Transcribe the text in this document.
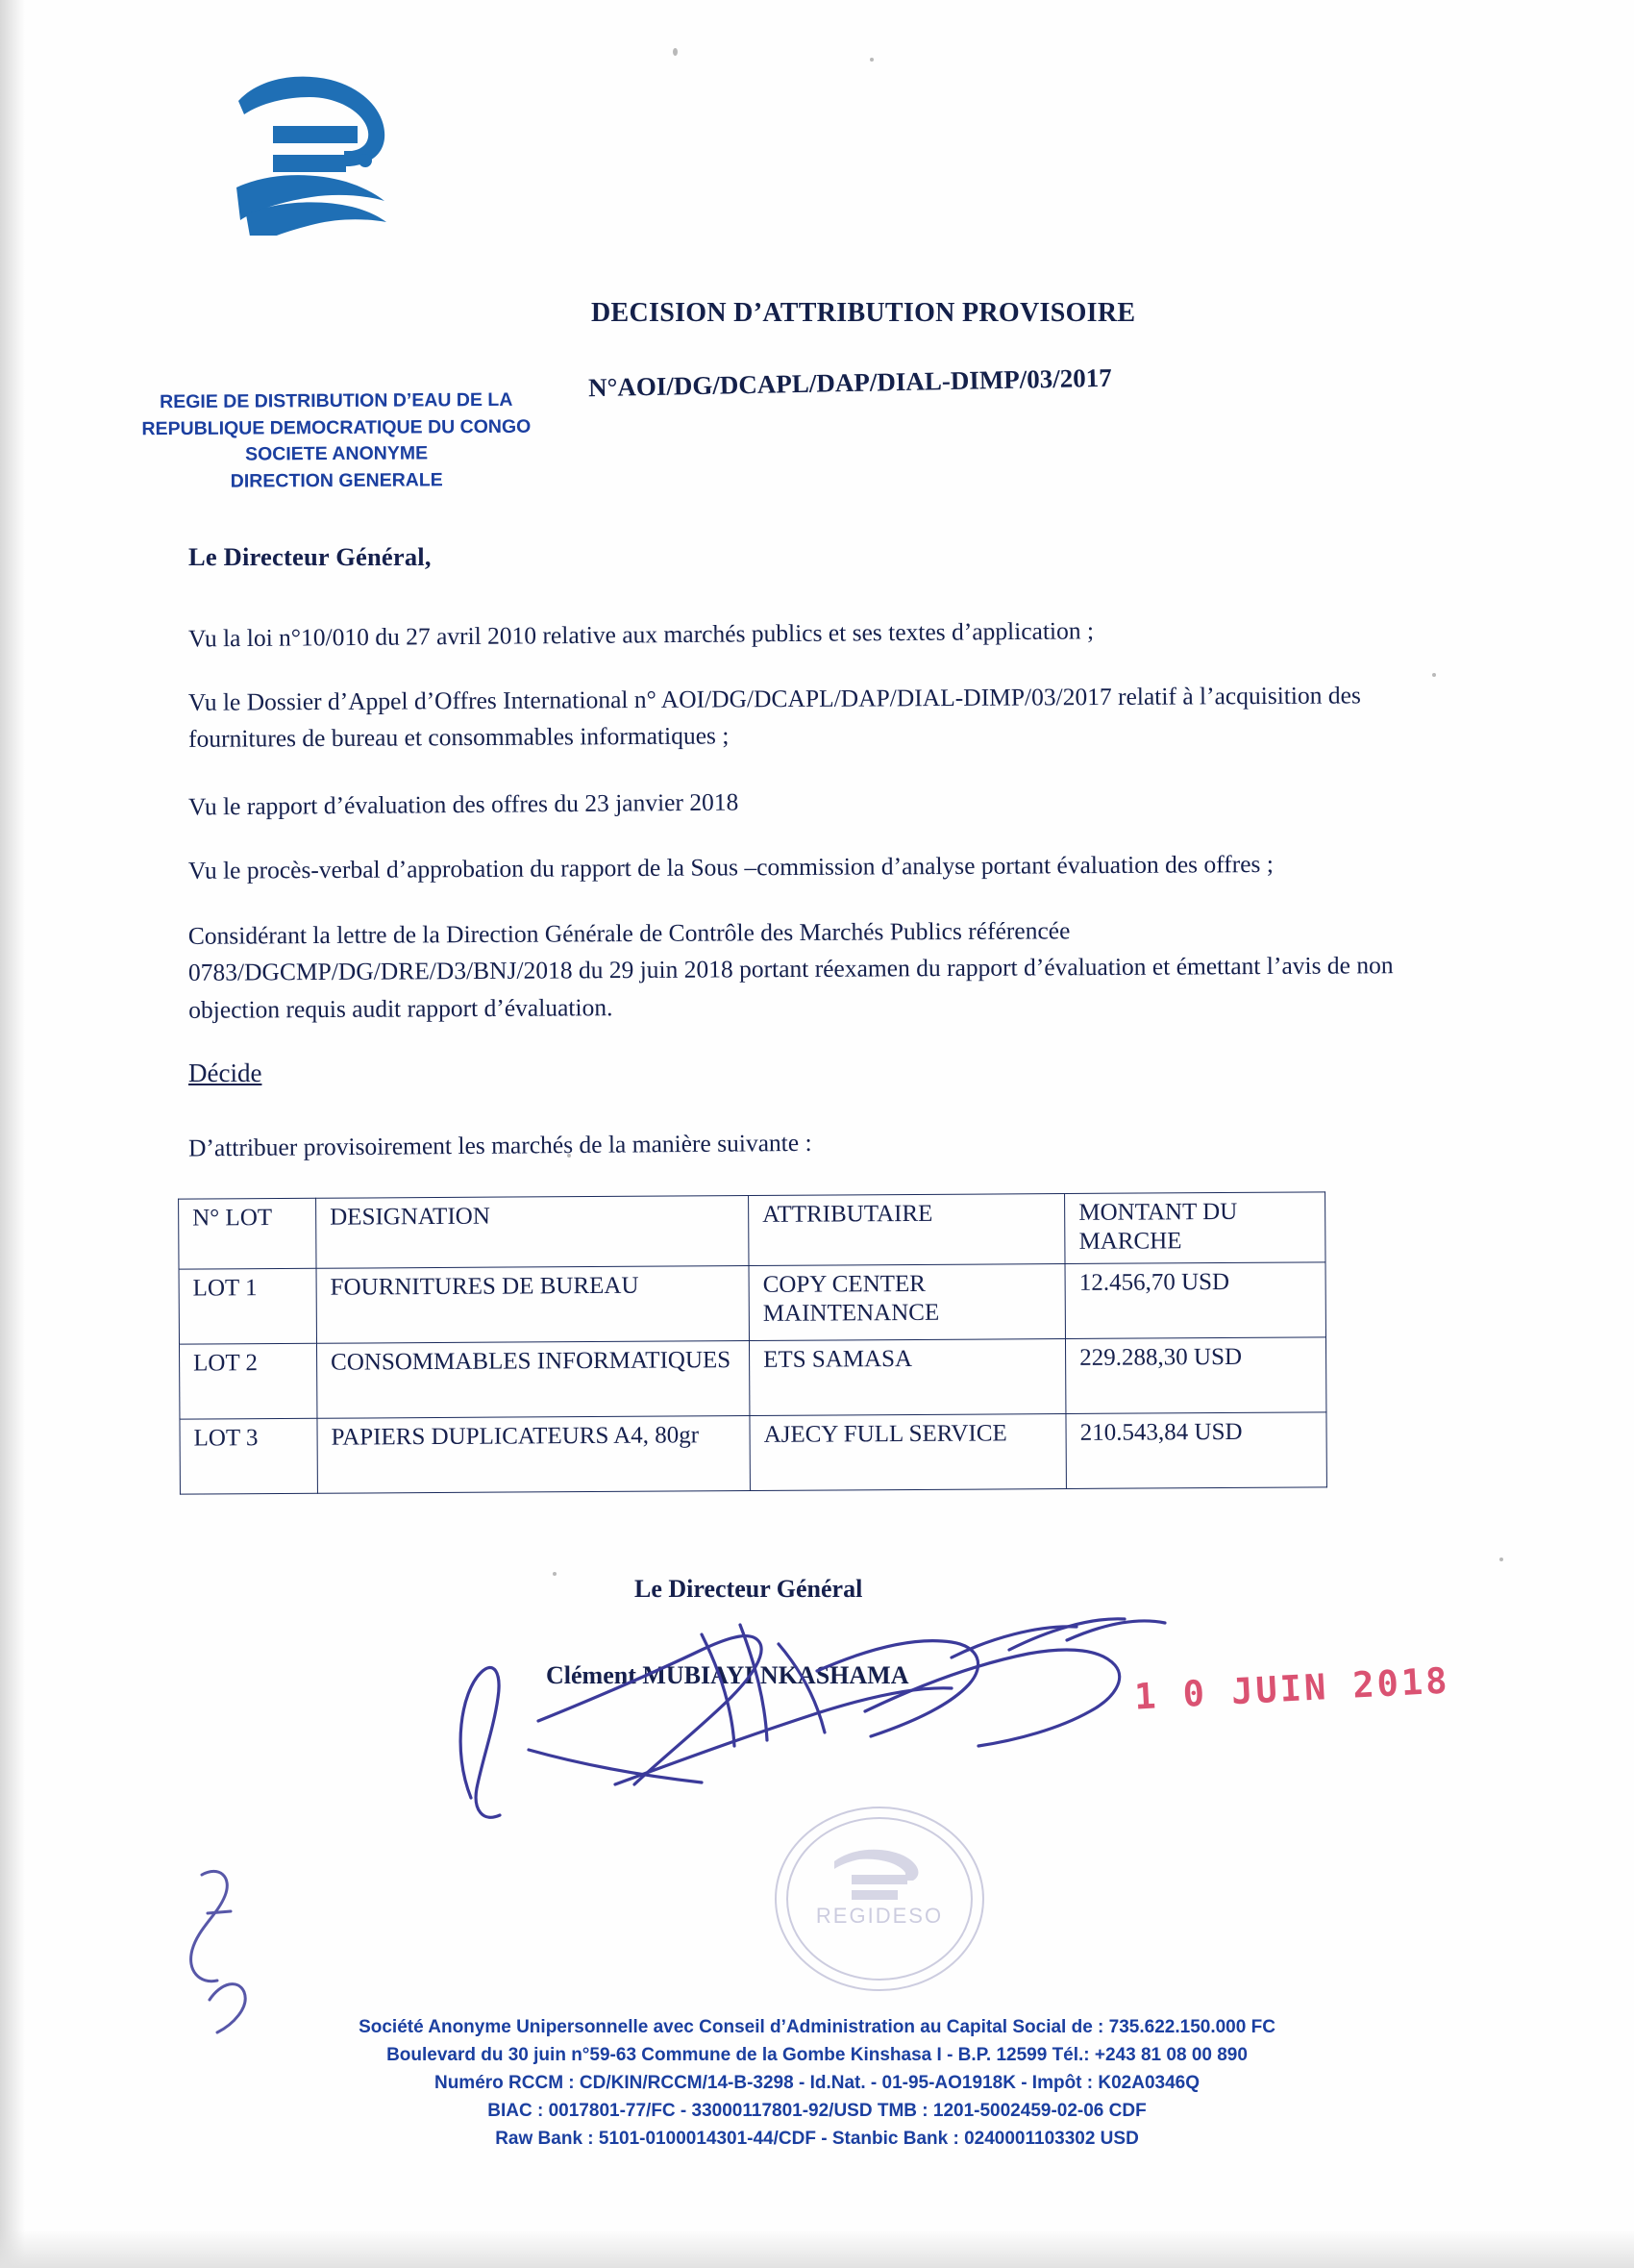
DECISION D’ATTRIBUTION PROVISOIRE
N°AOI/DG/DCAPL/DAP/DIAL-DIMP/03/2017
REGIE DE DISTRIBUTION D’EAU DE LA
REPUBLIQUE DEMOCRATIQUE DU CONGO
SOCIETE ANONYME
DIRECTION GENERALE

Le Directeur Général,

Vu la loi n°10/010 du 27 avril 2010 relative aux marchés publics et ses textes d’application ;

Vu le Dossier d’Appel d’Offres International n° AOI/DG/DCAPL/DAP/DIAL-DIMP/03/2017 relatif à l’acquisition des fournitures de bureau et consommables informatiques ;

Vu le rapport d’évaluation des offres du 23 janvier 2018

Vu le procès-verbal d’approbation du rapport de la Sous –commission d’analyse portant évaluation des offres ;

Considérant la lettre de la Direction Générale de Contrôle des Marchés Publics référencée 0783/DGCMP/DG/DRE/D3/BNJ/2018 du 29 juin 2018 portant réexamen du rapport d’évaluation et émettant l’avis de non objection requis audit rapport d’évaluation.

Décide

D’attribuer provisoirement les marchés de la manière suivante :

N° LOT	DESIGNATION	ATTRIBUTAIRE	MONTANT DU MARCHE
LOT 1	FOURNITURES DE BUREAU	COPY CENTER MAINTENANCE	12.456,70 USD
LOT 2	CONSOMMABLES INFORMATIQUES	ETS SAMASA	229.288,30 USD
LOT 3	PAPIERS DUPLICATEURS A4, 80gr	AJECY FULL SERVICE	210.543,84 USD
Le Directeur Général
Clément MUBIAYI NKASHAMA	1 0 JUIN 2018
REGIDESO
Société Anonyme Unipersonnelle avec Conseil d’Administration au Capital Social de : 735.622.150.000 FC
Boulevard du 30 juin n°59-63 Commune de la Gombe Kinshasa I - B.P. 12599 Tél.: +243 81 08 00 890
Numéro RCCM : CD/KIN/RCCM/14-B-3298 - Id.Nat. - 01-95-AO1918K - Impôt : K02A0346Q
BIAC : 0017801-77/FC - 33000117801-92/USD TMB : 1201-5002459-02-06 CDF
Raw Bank : 5101-0100014301-44/CDF - Stanbic Bank : 0240001103302 USD
